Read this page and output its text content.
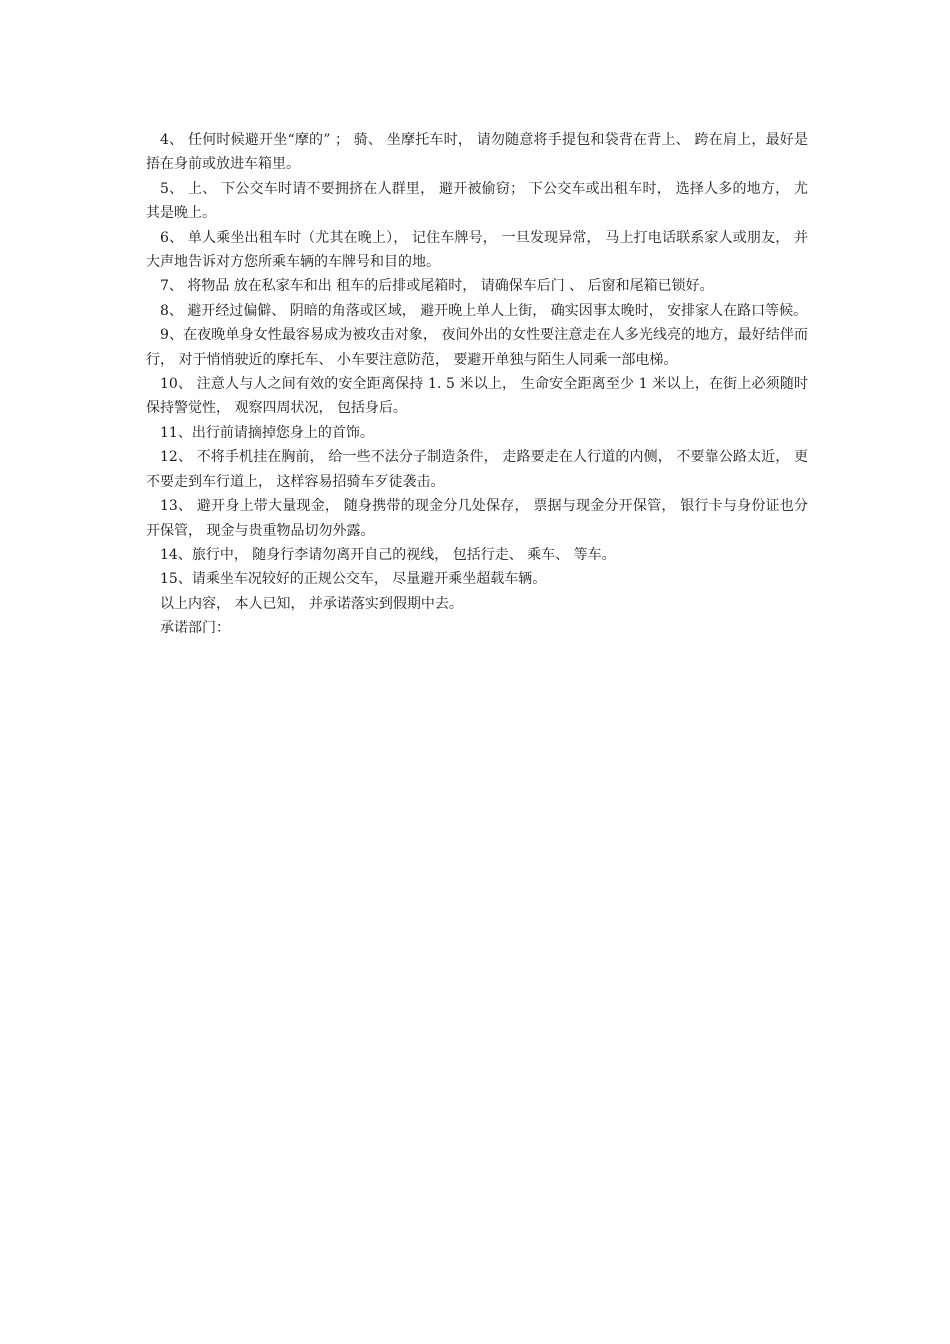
4、 任何时候避开坐“摩的” ； 骑、 坐摩托车时， 请勿随意将手提包和袋背在背上、 跨在肩上，最好是捂在身前或放进车箱里。

5、 上、 下公交车时请不要拥挤在人群里， 避开被偷窃； 下公交车或出租车时， 选择人多的地方， 尤其是晚上。

6、 单人乘坐出租车时（尤其在晚上）， 记住车牌号， 一旦发现异常， 马上打电话联系家人或朋友， 并大声地告诉对方您所乘车辆的车牌号和目的地。

7、 将物品 放在私家车和出 租车的后排或尾箱时， 请确保车后门 、 后窗和尾箱已锁好。

8、 避开经过偏僻、 阴暗的角落或区域， 避开晚上单人上街， 确实因事太晚时， 安排家人在路口等候。

9、在夜晚单身女性最容易成为被攻击对象， 夜间外出的女性要注意走在人多光线亮的地方，最好结伴而行， 对于悄悄驶近的摩托车、 小车要注意防范， 要避开单独与陌生人同乘一部电梯。

10、 注意人与人之间有效的安全距离保持 1. 5 米以上， 生命安全距离至少 1 米以上，在街上必须随时保持警觉性， 观察四周状况， 包括身后。

11、出行前请摘掉您身上的首饰。

12、 不将手机挂在胸前， 给一些不法分子制造条件， 走路要走在人行道的内侧， 不要靠公路太近， 更不要走到车行道上， 这样容易招骑车歹徒袭击。

13、 避开身上带大量现金， 随身携带的现金分几处保存， 票据与现金分开保管， 银行卡与身份证也分开保管， 现金与贵重物品切勿外露。

14、旅行中， 随身行李请勿离开自己的视线， 包括行走、 乘车、 等车。

15、请乘坐车况较好的正规公交车， 尽量避开乘坐超载车辆。

以上内容， 本人已知， 并承诺落实到假期中去。

承诺部门：
